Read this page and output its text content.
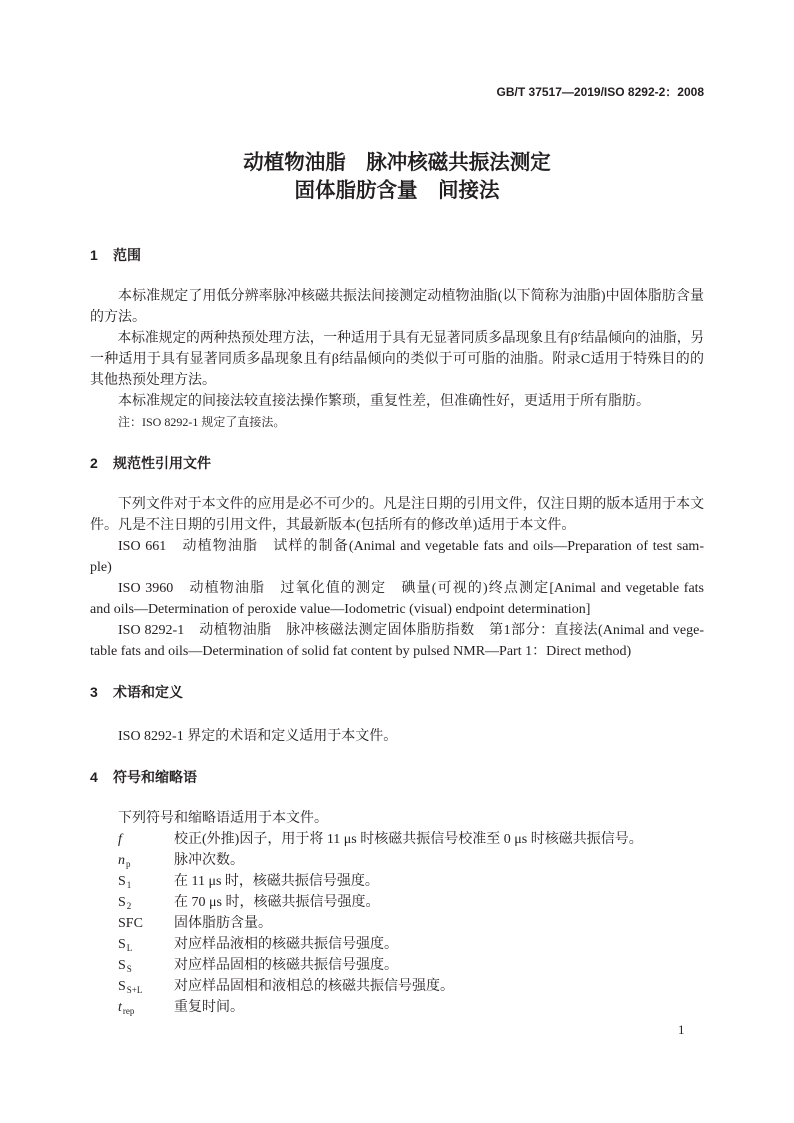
GB/T 37517—2019/ISO 8292-2：2008
动植物油脂　脉冲核磁共振法测定
固体脂肪含量　间接法
1 范围
本标准规定了用低分辨率脉冲核磁共振法间接测定动植物油脂(以下简称为油脂)中固体脂肪含量
的方法。
本标准规定的两种热预处理方法，一种适用于具有无显著同质多晶现象且有β′结晶倾向的油脂，另
一种适用于具有显著同质多晶现象且有β结晶倾向的类似于可可脂的油脂。附录C适用于特殊目的的
其他热预处理方法。
本标准规定的间接法较直接法操作繁琐，重复性差，但准确性好，更适用于所有脂肪。
注：ISO 8292-1 规定了直接法。
2 规范性引用文件
下列文件对于本文件的应用是必不可少的。凡是注日期的引用文件，仅注日期的版本适用于本文
件。凡是不注日期的引用文件，其最新版本(包括所有的修改单)适用于本文件。
ISO 661　动植物油脂　试样的制备(Animal and vegetable fats and oils—Preparation of test sam-
ple)
ISO 3960　动植物油脂　过氧化值的测定　碘量(可视的)终点测定[Animal and vegetable fats
and oils—Determination of peroxide value—Iodometric (visual) endpoint determination]
ISO 8292-1　动植物油脂　脉冲核磁法测定固体脂肪指数　第1部分：直接法(Animal and vege-
table fats and oils—Determination of solid fat content by pulsed NMR—Part 1：Direct method)
3 术语和定义
ISO 8292-1 界定的术语和定义适用于本文件。
4 符号和缩略语
下列符号和缩略语适用于本文件。
f	校正(外推)因子，用于将 11 μs 时核磁共振信号校准至 0 μs 时核磁共振信号。
$n_p$	脉冲次数。
$S_1$	在 11 μs 时，核磁共振信号强度。
$S_2$	在 70 μs 时，核磁共振信号强度。
SFC	固体脂肪含量。
$S_L$	对应样品液相的核磁共振信号强度。
$S_S$	对应样品固相的核磁共振信号强度。
$S_{S+L}$	对应样品固相和液相总的核磁共振信号强度。
$t_{rep}$	重复时间。
1
